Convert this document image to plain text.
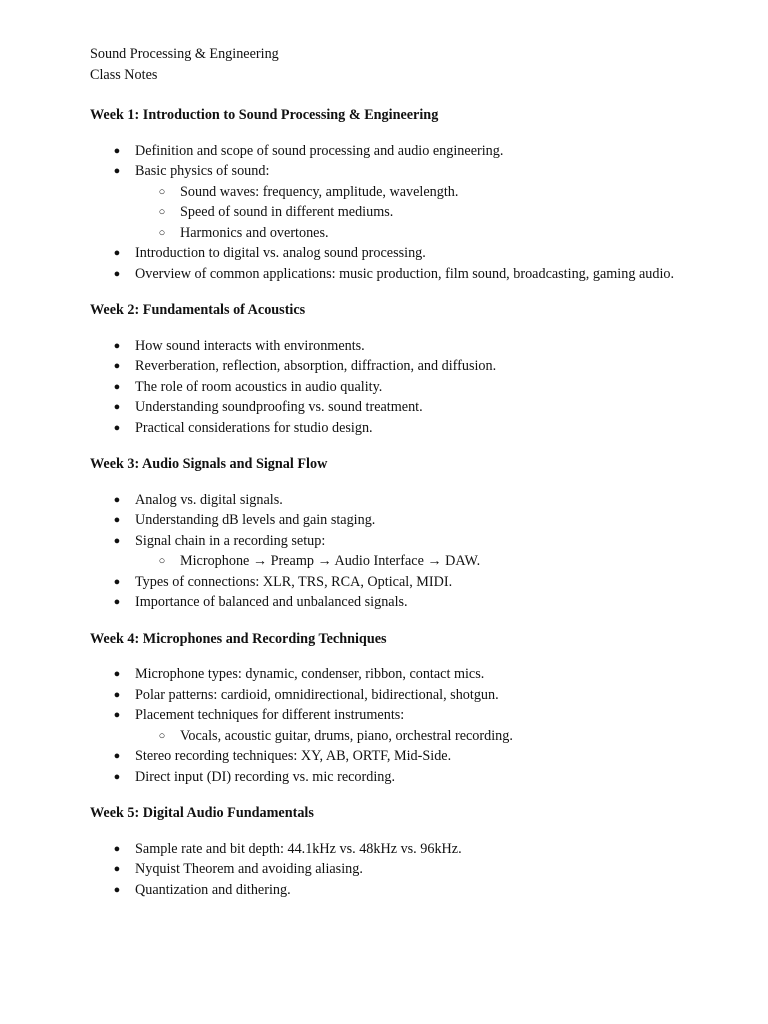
Sound Processing & Engineering
Class Notes

Week 1: Introduction to Sound Processing & Engineering

● Definition and scope of sound processing and audio engineering.
● Basic physics of sound:
○ Sound waves: frequency, amplitude, wavelength.
○ Speed of sound in different mediums.
○ Harmonics and overtones.
● Introduction to digital vs. analog sound processing.
● Overview of common applications: music production, film sound, broadcasting, gaming audio.

Week 2: Fundamentals of Acoustics

● How sound interacts with environments.
● Reverberation, reflection, absorption, diffraction, and diffusion.
● The role of room acoustics in audio quality.
● Understanding soundproofing vs. sound treatment.
● Practical considerations for studio design.

Week 3: Audio Signals and Signal Flow

● Analog vs. digital signals.
● Understanding dB levels and gain staging.
● Signal chain in a recording setup:
○ Microphone → Preamp → Audio Interface → DAW.
● Types of connections: XLR, TRS, RCA, Optical, MIDI.
● Importance of balanced and unbalanced signals.

Week 4: Microphones and Recording Techniques

● Microphone types: dynamic, condenser, ribbon, contact mics.
● Polar patterns: cardioid, omnidirectional, bidirectional, shotgun.
● Placement techniques for different instruments:
○ Vocals, acoustic guitar, drums, piano, orchestral recording.
● Stereo recording techniques: XY, AB, ORTF, Mid-Side.
● Direct input (DI) recording vs. mic recording.

Week 5: Digital Audio Fundamentals

● Sample rate and bit depth: 44.1kHz vs. 48kHz vs. 96kHz.
● Nyquist Theorem and avoiding aliasing.
● Quantization and dithering.
